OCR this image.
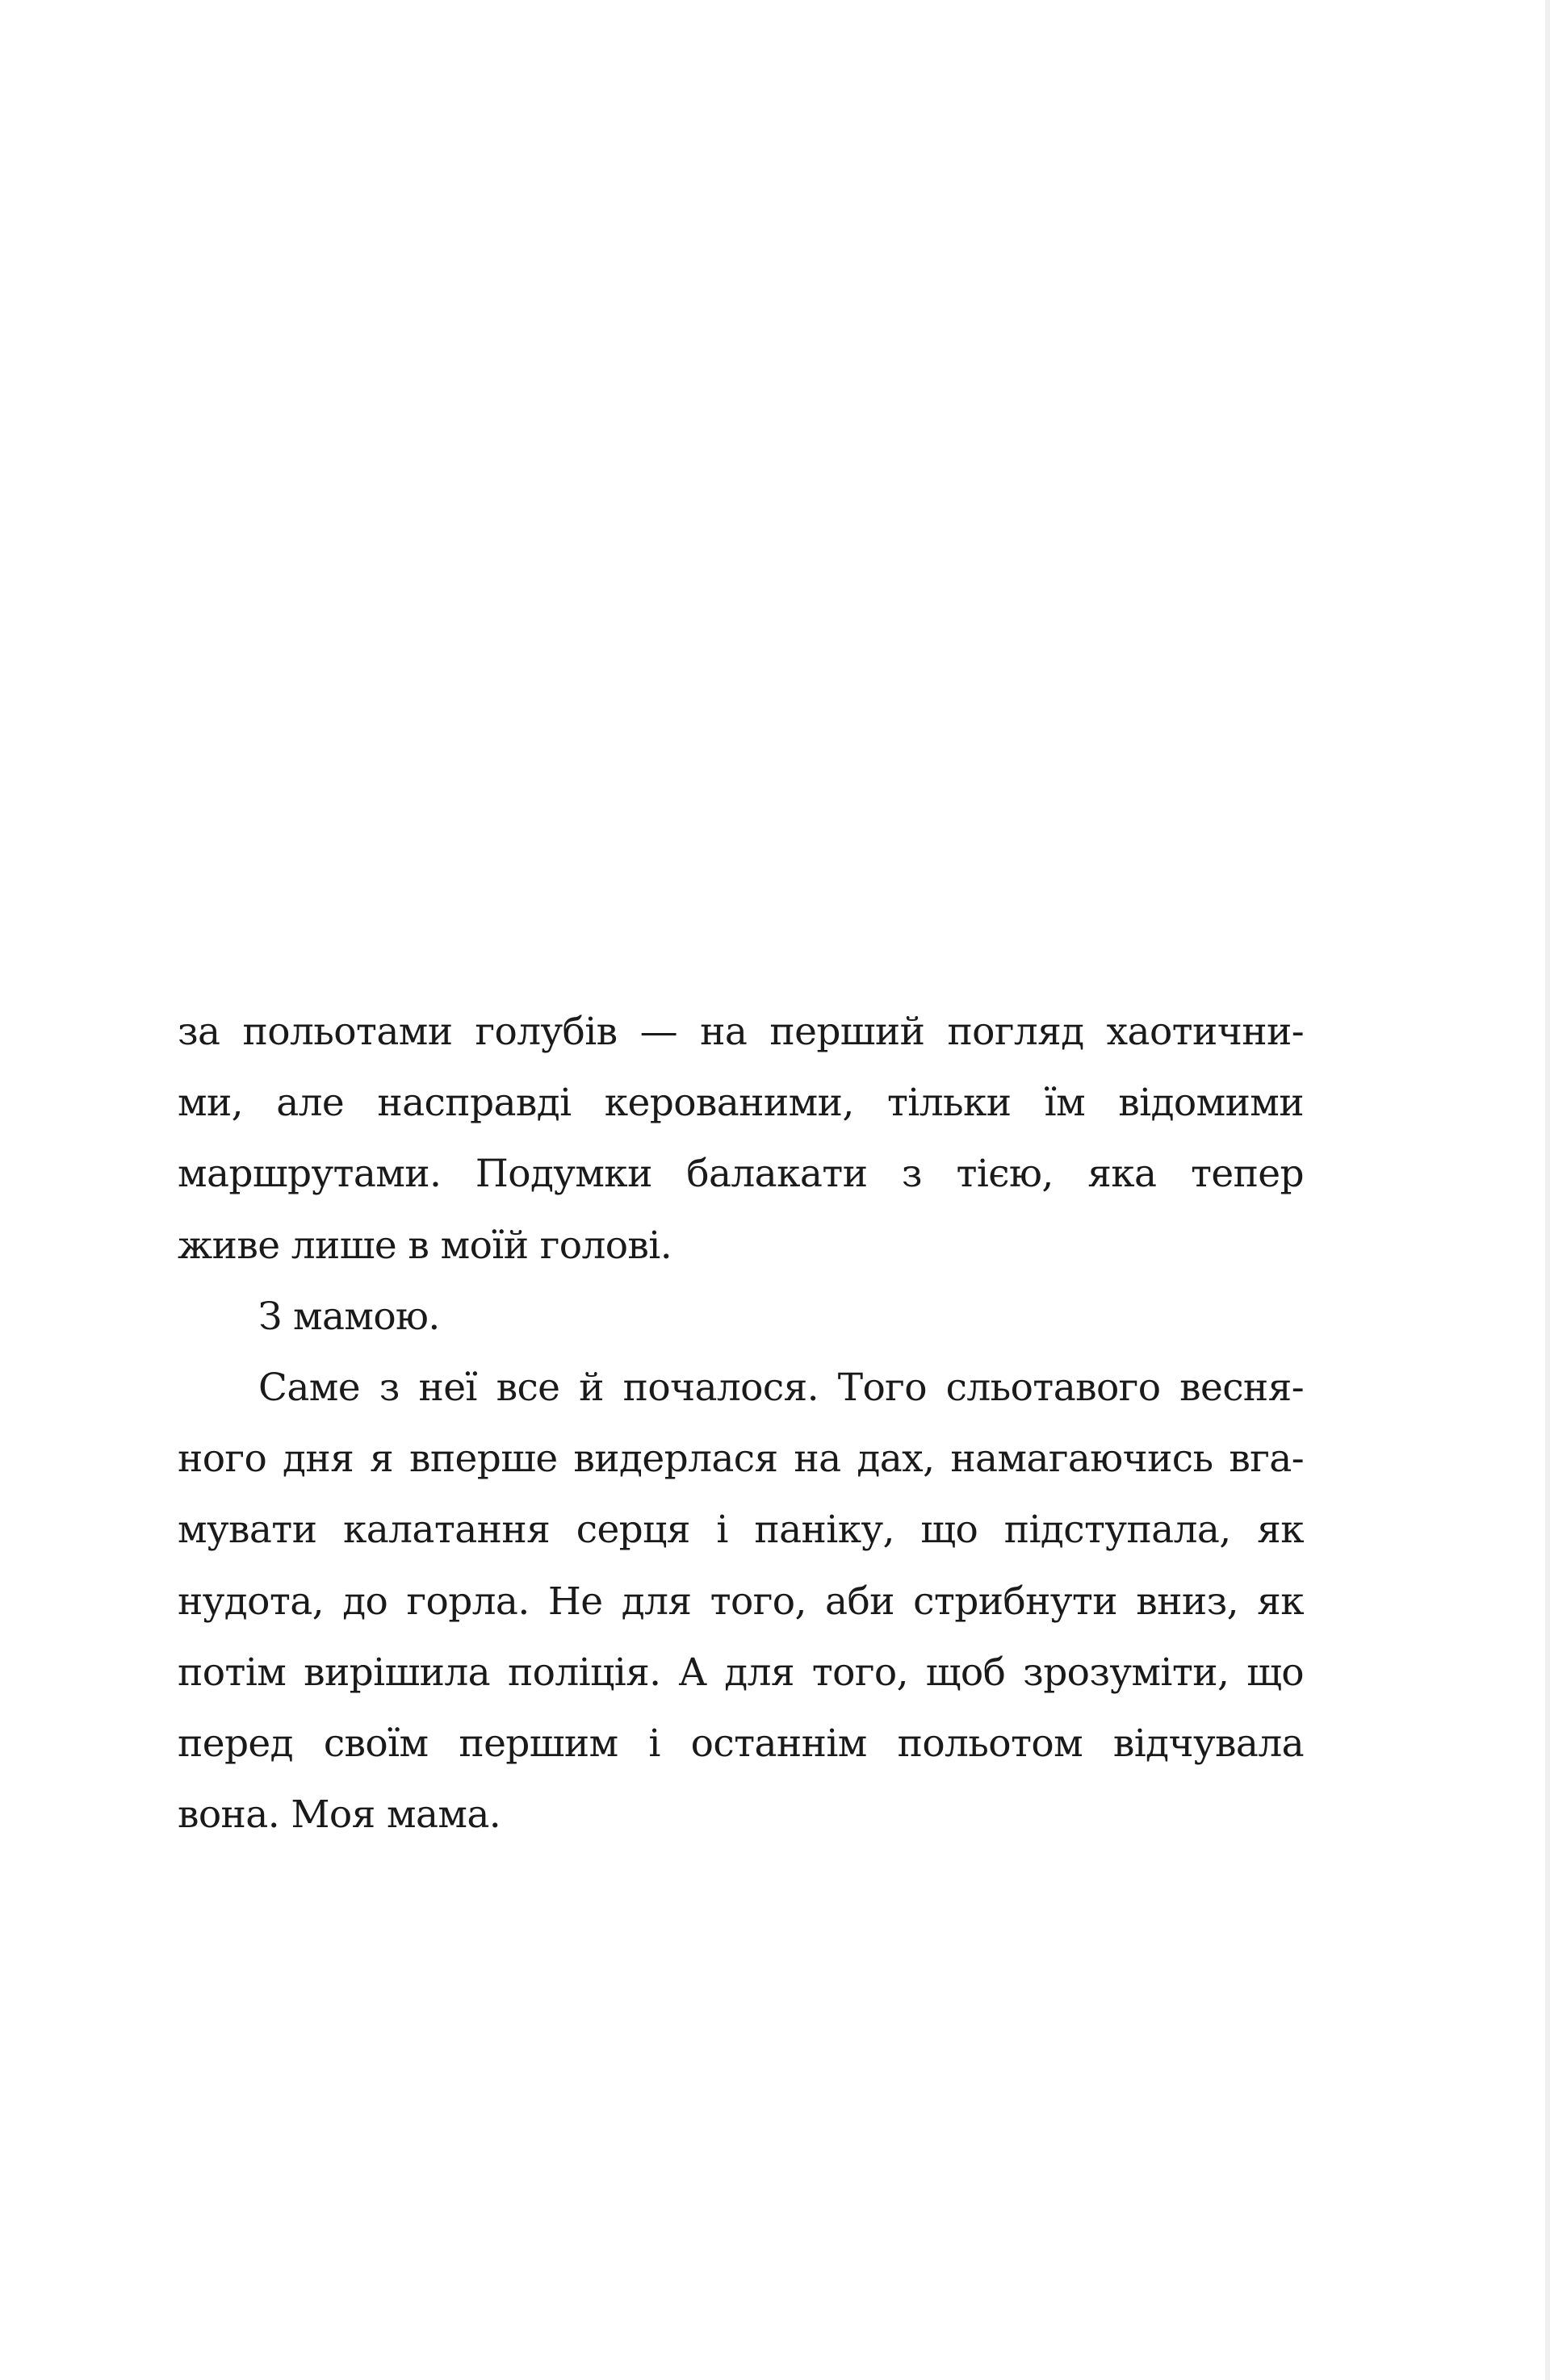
за польотами голубів — на перший погляд хаотични-
ми, але насправді керованими, тільки їм відомими
маршрутами. Подумки балакати з тією, яка тепер
живе лише в моїй голові.
З мамою.
Саме з неї все й почалося. Того сльотавого весня-
ного дня я вперше видерлася на дах, намагаючись вга-
мувати калатання серця і паніку, що підступала, як
нудота, до горла. Не для того, аби стрибнути вниз, як
потім вирішила поліція. А для того, щоб зрозуміти, що
перед своїм першим і останнім польотом відчувала
вона. Моя мама.
